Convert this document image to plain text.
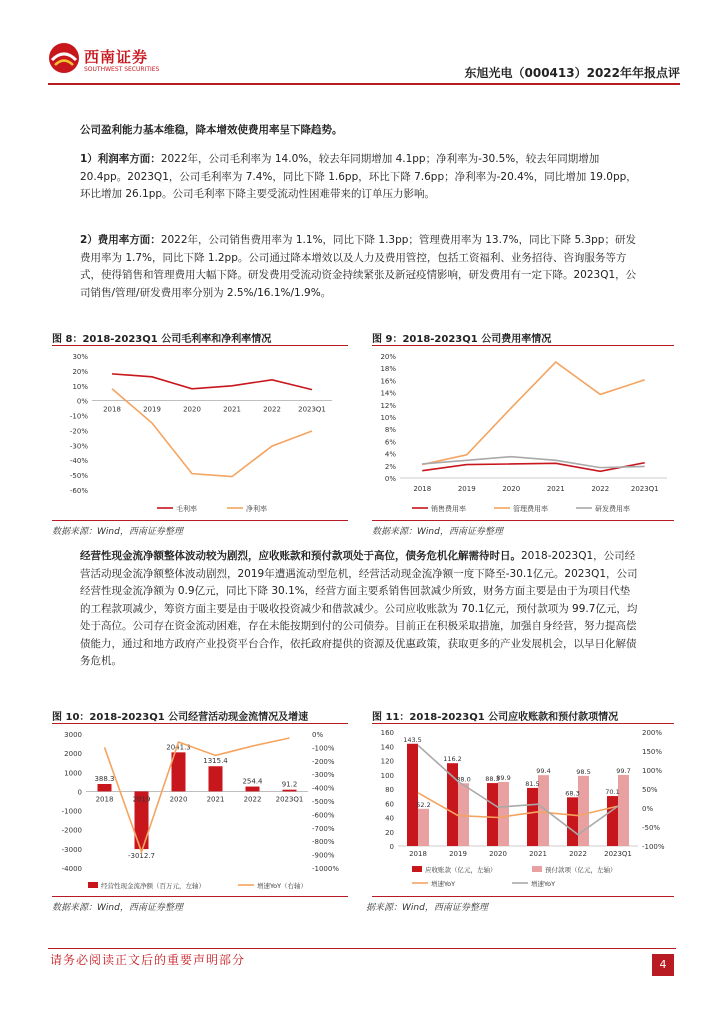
西南证券
SOUTHWEST SECURITIES	东旭光电（000413）2022年年报点评

公司盈利能力基本维稳，降本增效使费用率呈下降趋势。

1）利润率方面：2022年，公司毛利率为 14.0%，较去年同期增加 4.1pp；净利率为-30.5%，较去年同期增加 20.4pp。2023Q1，公司毛利率为 7.4%，同比下降 1.6pp，环比下降 7.6pp；净利率为-20.4%，同比增加 19.0pp，环比增加 26.1pp。公司毛利率下降主要受流动性困难带来的订单压力影响。

2）费用率方面：2022年，公司销售费用率为 1.1%，同比下降 1.3pp；管理费用率为 13.7%，同比下降 5.3pp；研发费用率为 1.7%，同比下降 1.2pp。公司通过降本增效以及人力及费用管控，包括工资福利、业务招待、咨询服务等方式，使得销售和管理费用大幅下降。研发费用受流动资金持续紧张及新冠疫情影响，研发费用有一定下降。2023Q1，公司销售/管理/研发费用率分别为 2.5%/16.1%/1.9%。

图 8：2018-2023Q1 公司毛利率和净利率情况
30%
20%
10%
0%
-10%
-20%
-30%
-40%
-50%
-60%
2018	2019	2020	2021	2022 2023Q1
毛利率	净利率
数据来源：Wind，西南证券整理
图 9：2018-2023Q1 公司费用率情况
20%
18%
16%
14%
12%
10%
8%
6%
4%
2%
0%
2018	2019	2020	2021	2022	2023Q1
销售费用率	管理费用率	研发费用率
数据来源：Wind，西南证券整理

经营性现金流净额整体波动较为剧烈，应收账款和预付款项处于高位，债务危机化解需待时日。2018-2023Q1，公司经营活动现金流净额整体波动剧烈，2019年遭遇流动型危机，经营活动现金流净额一度下降至-30.1亿元。2023Q1，公司经营性现金流净额为 0.9亿元，同比下降 30.1%，经营方面主要系销售回款减少所致，财务方面主要是由于为项目代垫的工程款项减少，筹资方面主要是由于吸收投资减少和借款减少。公司应收账款为 70.1亿元，预付款项为 99.7亿元，均处于高位。公司存在资金流动困难，存在未能按期到付的公司债券。目前正在积极采取措施，加强自身经营，努力提高偿债能力，通过和地方政府产业投资平台合作，依托政府提供的资源及优惠政策，获取更多的产业发展机会，以早日化解债务危机。

图 10：2018-2023Q1 公司经营活动现金流情况及增速
3000
2000
1000
0
-1000
-2000
-3000
-4000
0%
-100%
-200%
-300%
-400%
-500%
-600%
-700%
-800%
-900%
-1000%
388.3
2018
-3012.7
2019
2041.3
2020
1315.4
2021
254.4
2022
91.2
2023Q1
经营性现金流净额（百万元，左轴）	增速YoY（右轴）
数据来源：Wind，西南证券整理
图 11：2018-2023Q1 公司应收账款和预付款项情况
160
140
120
100
80
60
40
20
0
200%
150%
100%
50%
0%
-50%
-100%
143.5
52.2
2018
116.2
88.0
2019
88.3
89.9
2020
81.5
99.4
2021
68.3
98.5
2022
70.1
99.7
2023Q1
应收账款（亿元，左轴）	预付款项（亿元，左轴）
增速YoY	增速YoY
据来源：Wind，西南证券整理
请务必阅读正文后的重要声明部分	4
